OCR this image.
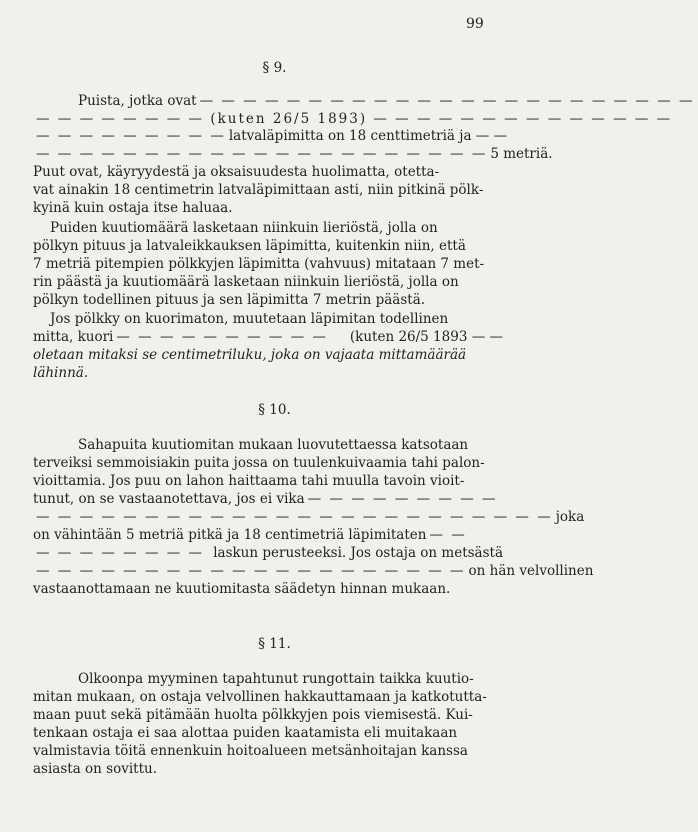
99
§ 9.
Puista, jotka ovat — — — — — — — — — — — — — — — — — — — — — — —
— — — — — — — — (kuten 26/5 1893) — — — — — — — — — — — — — —
— — — — — — — — — latvaläpimitta on 18 centtimetriä ja — —
— — — — — — — — — — — — — — — — — — — — — 5 metriä.
Puut ovat, käyryydestä ja oksaisuudesta huolimatta, otetta-
vat ainakin 18 centimetrin latvaläpimittaan asti, niin pitkinä pölk-
kyinä kuin ostaja itse haluaa.
Puiden kuutiomäärä lasketaan niinkuin lieriöstä, jolla on
pölkyn pituus ja latvaleikkauksen läpimitta, kuitenkin niin, että
7 metriä pitempien pölkkyjen läpimitta (vahvuus) mitataan 7 met-
rin päästä ja kuutiomäärä lasketaan niinkuin lieriöstä, jolla on
pölkyn todellinen pituus ja sen läpimitta 7 metrin päästä.
Jos pölkky on kuorimaton, muutetaan läpimitan todellinen
mitta, kuori — — — — — — — — — —	(kuten 26/5 1893 — —
oletaan mitaksi se centimetriluku, joka on vajaata mittamäärää
lähinnä.
§ 10.
Sahapuita kuutiomitan mukaan luovutettaessa katsotaan
terveiksi semmoisiakin puita jossa on tuulenkuivaamia tahi palon-
vioittamia. Jos puu on lahon haittaama tahi muulla tavoin vioit-
tunut, on se vastaanotettava, jos ei vika — — — — — — — — —
— — — — — — — — — — — — — — — — — — — — — — — — joka
on vähintään 5 metriä pitkä ja 18 centimetriä läpimitaten — —
— — — — — — — — laskun perusteeksi. Jos ostaja on metsästä
— — — — — — — — — — — — — — — — — — — — on hän velvollinen
vastaanottamaan ne kuutiomitasta säädetyn hinnan mukaan.
§ 11.
Olkoonpa myyminen tapahtunut rungottain taikka kuutio-
mitan mukaan, on ostaja velvollinen hakkauttamaan ja katkotutta-
maan puut sekä pitämään huolta pölkkyjen pois viemisestä. Kui-
tenkaan ostaja ei saa alottaa puiden kaatamista eli muitakaan
valmistavia töitä ennenkuin hoitoalueen metsänhoitajan kanssa
asiasta on sovittu.
